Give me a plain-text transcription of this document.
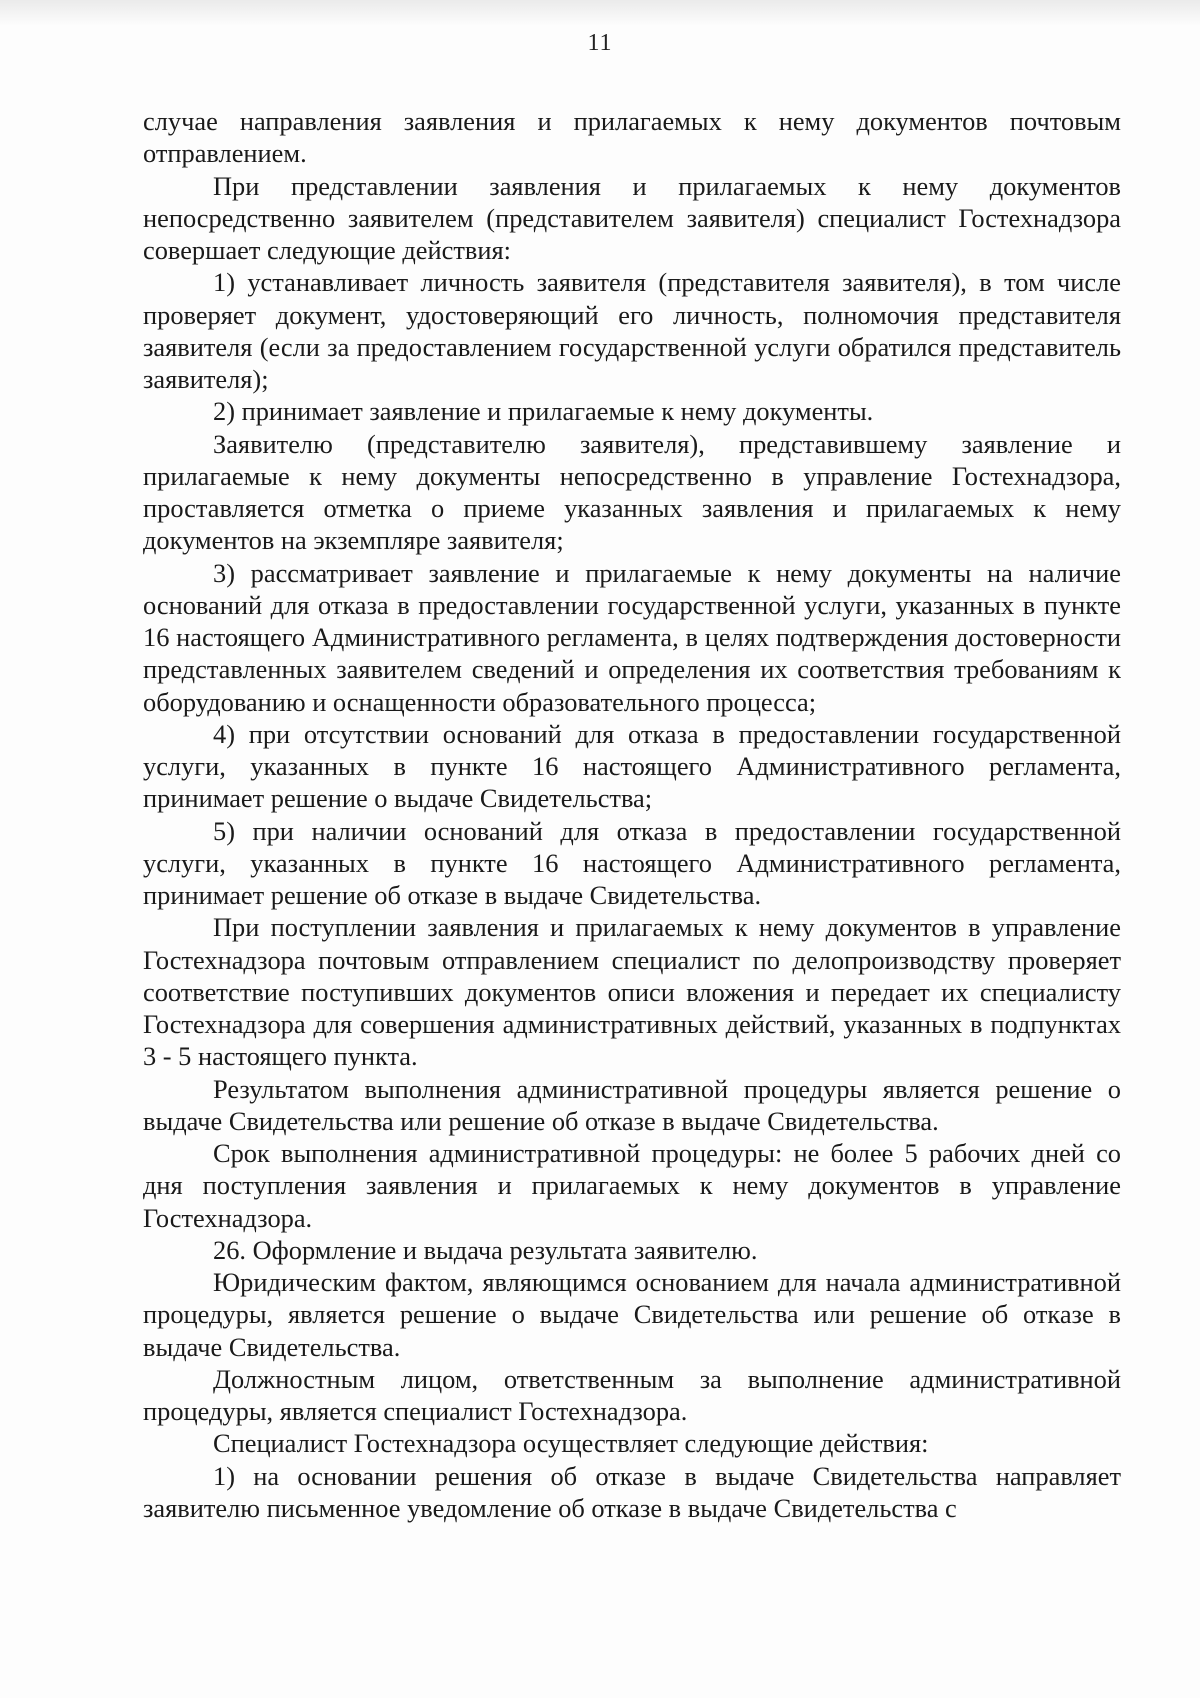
11

случае направления заявления и прилагаемых к нему документов почтовым отправлением.

При представлении заявления и прилагаемых к нему документов непосредственно заявителем (представителем заявителя) специалист Гостехнадзора совершает следующие действия:

1) устанавливает личность заявителя (представителя заявителя), в том числе проверяет документ, удостоверяющий его личность, полномочия представителя заявителя (если за предоставлением государственной услуги обратился представитель заявителя);

2) принимает заявление и прилагаемые к нему документы.

Заявителю (представителю заявителя), представившему заявление и прилагаемые к нему документы непосредственно в управление Гостехнадзора, проставляется отметка о приеме указанных заявления и прилагаемых к нему документов на экземпляре заявителя;

3) рассматривает заявление и прилагаемые к нему документы на наличие оснований для отказа в предоставлении государственной услуги, указанных в пункте 16 настоящего Административного регламента, в целях подтверждения достоверности представленных заявителем сведений и определения их соответствия требованиям к оборудованию и оснащенности образовательного процесса;

4) при отсутствии оснований для отказа в предоставлении государственной услуги, указанных в пункте 16 настоящего Административного регламента, принимает решение о выдаче Свидетельства;

5) при наличии оснований для отказа в предоставлении государственной услуги, указанных в пункте 16 настоящего Административного регламента, принимает решение об отказе в выдаче Свидетельства.

При поступлении заявления и прилагаемых к нему документов в управление Гостехнадзора почтовым отправлением специалист по делопроизводству проверяет соответствие поступивших документов описи вложения и передает их специалисту Гостехнадзора для совершения административных действий, указанных в подпунктах 3 - 5 настоящего пункта.

Результатом выполнения административной процедуры является решение о выдаче Свидетельства или решение об отказе в выдаче Свидетельства.

Срок выполнения административной процедуры: не более 5 рабочих дней со дня поступления заявления и прилагаемых к нему документов в управление Гостехнадзора.

26. Оформление и выдача результата заявителю.

Юридическим фактом, являющимся основанием для начала административной процедуры, является решение о выдаче Свидетельства или решение об отказе в выдаче Свидетельства.

Должностным лицом, ответственным за выполнение административной процедуры, является специалист Гостехнадзора.

Специалист Гостехнадзора осуществляет следующие действия:

1) на основании решения об отказе в выдаче Свидетельства направляет заявителю письменное уведомление об отказе в выдаче Свидетельства с
